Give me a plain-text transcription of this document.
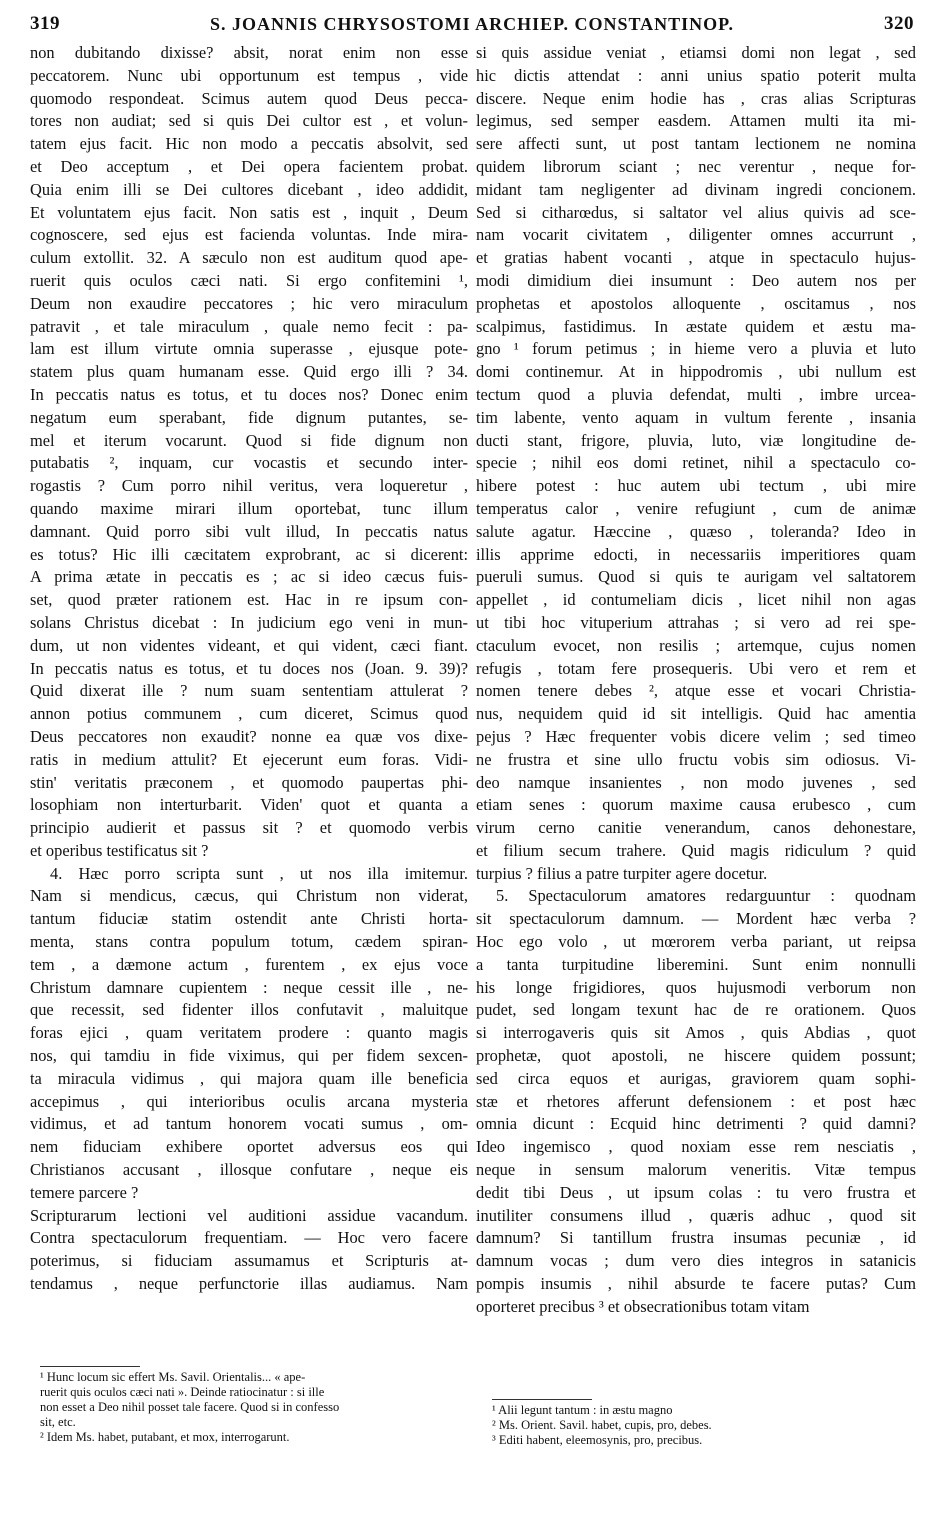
319	S. JOANNIS CHRYSOSTOMI ARCHIEP. CONSTANTINOP.	320

non dubitando dixisse? absit, norat enim non esse

peccatorem. Nunc ubi opportunum est tempus , vide

quomodo respondeat. Scimus autem quod Deus pecca-

tores non audiat; sed si quis Dei cultor est , et volun-

tatem ejus facit. Hic non modo a peccatis absolvit, sed

et Deo acceptum , et Dei opera facientem probat.

Quia enim illi se Dei cultores dicebant , ideo addidit,

Et voluntatem ejus facit. Non satis est , inquit , Deum

cognoscere, sed ejus est facienda voluntas. Inde mira-

culum extollit. 32. A sæculo non est auditum quod ape-

ruerit quis oculos cæci nati. Si ergo confitemini ¹,

Deum non exaudire peccatores ; hic vero miraculum

patravit , et tale miraculum , quale nemo fecit : pa-

lam est illum virtute omnia superasse , ejusque pote-

statem plus quam humanam esse. Quid ergo illi ? 34.

In peccatis natus es totus, et tu doces nos? Donec enim

negatum eum sperabant, fide dignum putantes, se-

mel et iterum vocarunt. Quod si fide dignum non

putabatis ², inquam, cur vocastis et secundo inter-

rogastis ? Cum porro nihil veritus, vera loqueretur ,

quando maxime mirari illum oportebat, tunc illum

damnant. Quid porro sibi vult illud, In peccatis natus

es totus? Hic illi cæcitatem exprobrant, ac si dicerent:

A prima ætate in peccatis es ; ac si ideo cæcus fuis-

set, quod præter rationem est. Hac in re ipsum con-

solans Christus dicebat : In judicium ego veni in mun-

dum, ut non videntes videant, et qui vident, cæci fiant.

In peccatis natus es totus, et tu doces nos (Joan. 9. 39)?

Quid dixerat ille ? num suam sententiam attulerat ?

annon potius communem , cum diceret, Scimus quod

Deus peccatores non exaudit? nonne ea quæ vos dixe-

ratis in medium attulit? Et ejecerunt eum foras. Vidi-

stin' veritatis præconem , et quomodo paupertas phi-

losophiam non interturbarit. Viden' quot et quanta a

principio audierit et passus sit ? et quomodo verbis

et operibus testificatus sit ?

4. Hæc porro scripta sunt , ut nos illa imitemur.

Nam si mendicus, cæcus, qui Christum non viderat,

tantum fiduciæ statim ostendit ante Christi horta-

menta, stans contra populum totum, cædem spiran-

tem , a dæmone actum , furentem , ex ejus voce

Christum damnare cupientem : neque cessit ille , ne-

que recessit, sed fidenter illos confutavit , maluitque

foras ejici , quam veritatem prodere : quanto magis

nos, qui tamdiu in fide viximus, qui per fidem sexcen-

ta miracula vidimus , qui majora quam ille beneficia

accepimus , qui interioribus oculis arcana mysteria

vidimus, et ad tantum honorem vocati sumus , om-

nem fiduciam exhibere oportet adversus eos qui

Christianos accusant , illosque confutare , neque eis

temere parcere ?

Scripturarum lectioni vel auditioni assidue vacandum.

Contra spectaculorum frequentiam. — Hoc vero facere

poterimus, si fiduciam assumamus et Scripturis at-

tendamus , neque perfunctorie illas audiamus. Nam

si quis assidue veniat , etiamsi domi non legat , sed

hic dictis attendat : anni unius spatio poterit multa

discere. Neque enim hodie has , cras alias Scripturas

legimus, sed semper easdem. Attamen multi ita mi-

sere affecti sunt, ut post tantam lectionem ne nomina

quidem librorum sciant ; nec verentur , neque for-

midant tam negligenter ad divinam ingredi concionem.

Sed si citharœdus, si saltator vel alius quivis ad sce-

nam vocarit civitatem , diligenter omnes accurrunt ,

et gratias habent vocanti , atque in spectaculo hujus-

modi dimidium diei insumunt : Deo autem nos per

prophetas et apostolos alloquente , oscitamus , nos

scalpimus, fastidimus. In æstate quidem et æstu ma-

gno ¹ forum petimus ; in hieme vero a pluvia et luto

domi continemur. At in hippodromis , ubi nullum est

tectum quod a pluvia defendat, multi , imbre urcea-

tim labente, vento aquam in vultum ferente , insania

ducti stant, frigore, pluvia, luto, viæ longitudine de-

specie ; nihil eos domi retinet, nihil a spectaculo co-

hibere potest : huc autem ubi tectum , ubi mire

temperatus calor , venire refugiunt , cum de animæ

salute agatur. Hæccine , quæso , toleranda? Ideo in

illis apprime edocti, in necessariis imperitiores quam

pueruli sumus. Quod si quis te aurigam vel saltatorem

appellet , id contumeliam dicis , licet nihil non agas

ut tibi hoc vituperium attrahas ; si vero ad rei spe-

ctaculum evocet, non resilis ; artemque, cujus nomen

refugis , totam fere prosequeris. Ubi vero et rem et

nomen tenere debes ², atque esse et vocari Christia-

nus, nequidem quid id sit intelligis. Quid hac amentia

pejus ? Hæc frequenter vobis dicere velim ; sed timeo

ne frustra et sine ullo fructu vobis sim odiosus. Vi-

deo namque insanientes , non modo juvenes , sed

etiam senes : quorum maxime causa erubesco , cum

virum cerno canitie venerandum, canos dehonestare,

et filium secum trahere. Quid magis ridiculum ? quid

turpius ? filius a patre turpiter agere docetur.

5. Spectaculorum amatores redarguuntur : quodnam

sit spectaculorum damnum. — Mordent hæc verba ?

Hoc ego volo , ut mœrorem verba pariant, ut reipsa

a tanta turpitudine liberemini. Sunt enim nonnulli

his longe frigidiores, quos hujusmodi verborum non

pudet, sed longam texunt hac de re orationem. Quos

si interrogaveris quis sit Amos , quis Abdias , quot

prophetæ, quot apostoli, ne hiscere quidem possunt;

sed circa equos et aurigas, graviorem quam sophi-

stæ et rhetores afferunt defensionem : et post hæc

omnia dicunt : Ecquid hinc detrimenti ? quid damni?

Ideo ingemisco , quod noxiam esse rem nesciatis ,

neque in sensum malorum veneritis. Vitæ tempus

dedit tibi Deus , ut ipsum colas : tu vero frustra et

inutiliter consumens illud , quæris adhuc , quod sit

damnum? Si tantillum frustra insumas pecuniæ , id

damnum vocas ; dum vero dies integros in satanicis

pompis insumis , nihil absurde te facere putas? Cum

oporteret precibus ³ et obsecrationibus totam vitam

¹ Hunc locum sic effert Ms. Savil. Orientalis... « ape-

ruerit quis oculos cæci nati ». Deinde ratiocinatur : si ille

non esset a Deo nihil posset tale facere. Quod si in confesso

sit, etc.

² Idem Ms. habet, putabant, et mox, interrogarunt.

¹ Alii legunt tantum : in æstu magno

² Ms. Orient. Savil. habet, cupis, pro, debes.

³ Editi habent, eleemosynis, pro, precibus.
